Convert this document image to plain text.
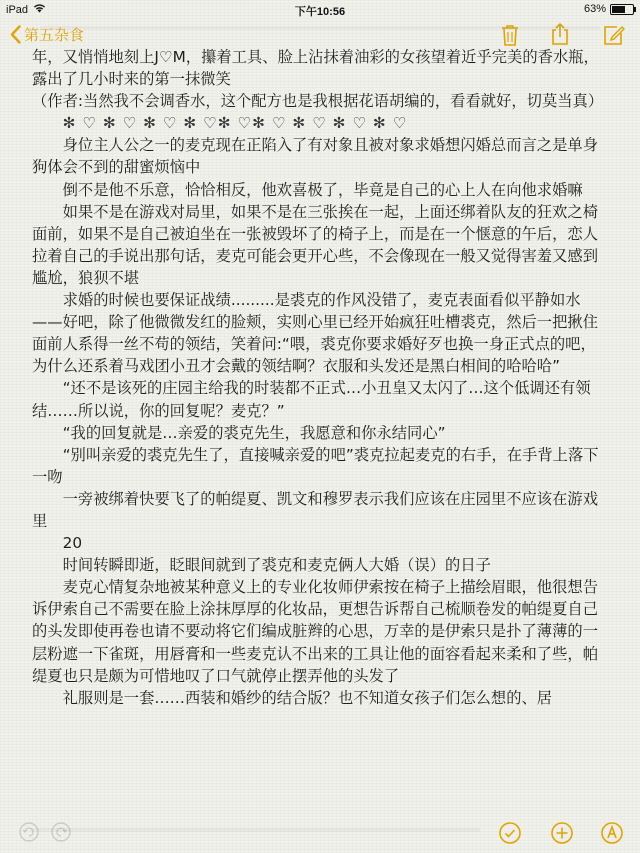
iPad	下午10:56	63%
第五杂食

年，又悄悄地刻上J♡M，攥着工具、脸上沾抹着油彩的女孩望着近乎完美的香水瓶，露出了几小时来的第一抹微笑

（作者:当然我不会调香水，这个配方也是我根据花语胡编的，看看就好，切莫当真）

✻ ♡ ✻ ♡ ✻ ♡ ✻ ♡✻ ♡✻ ♡ ✻ ♡ ✻ ♡ ✻ ♡

身位主人公之一的麦克现在正陷入了有对象且被对象求婚想闪婚总而言之是单身狗体会不到的甜蜜烦恼中

倒不是他不乐意，恰恰相反，他欢喜极了，毕竟是自己的心上人在向他求婚嘛

如果不是在游戏对局里，如果不是在三张挨在一起，上面还绑着队友的狂欢之椅面前，如果不是自己被迫坐在一张被毁坏了的椅子上，而是在一个惬意的午后，恋人拉着自己的手说出那句话，麦克可能会更开心些，不会像现在一般又觉得害羞又感到尴尬，狼狈不堪

求婚的时候也要保证战绩.........是裘克的作风没错了，麦克表面看似平静如水——好吧，除了他微微发红的脸颊，实则心里已经开始疯狂吐槽裘克，然后一把揪住面前人系得一丝不苟的领结，笑着问:“喂，裘克你要求婚好歹也换一身正式点的吧，为什么还系着马戏团小丑才会戴的领结啊？衣服和头发还是黑白相间的哈哈哈”

“还不是该死的庄园主给我的时装都不正式…小丑皇又太闪了…这个低调还有领结……所以说，你的回复呢？麦克？”

“我的回复就是…亲爱的裘克先生，我愿意和你永结同心”

“别叫亲爱的裘克先生了，直接喊亲爱的吧”裘克拉起麦克的右手，在手背上落下一吻

一旁被绑着快要飞了的帕缇夏、凯文和穆罗表示我们应该在庄园里不应该在游戏里

20

时间转瞬即逝，眨眼间就到了裘克和麦克俩人大婚（误）的日子

麦克心情复杂地被某种意义上的专业化妆师伊索按在椅子上描绘眉眼，他很想告诉伊索自己不需要在脸上涂抹厚厚的化妆品，更想告诉帮自己梳顺卷发的帕缇夏自己的头发即使再卷也请不要动将它们编成脏辫的心思，万幸的是伊索只是扑了薄薄的一层粉遮一下雀斑，用唇膏和一些麦克认不出来的工具让他的面容看起来柔和了些，帕缇夏也只是颇为可惜地叹了口气就停止摆弄他的头发了

礼服则是一套……西装和婚纱的结合版？也不知道女孩子们怎么想的、居
